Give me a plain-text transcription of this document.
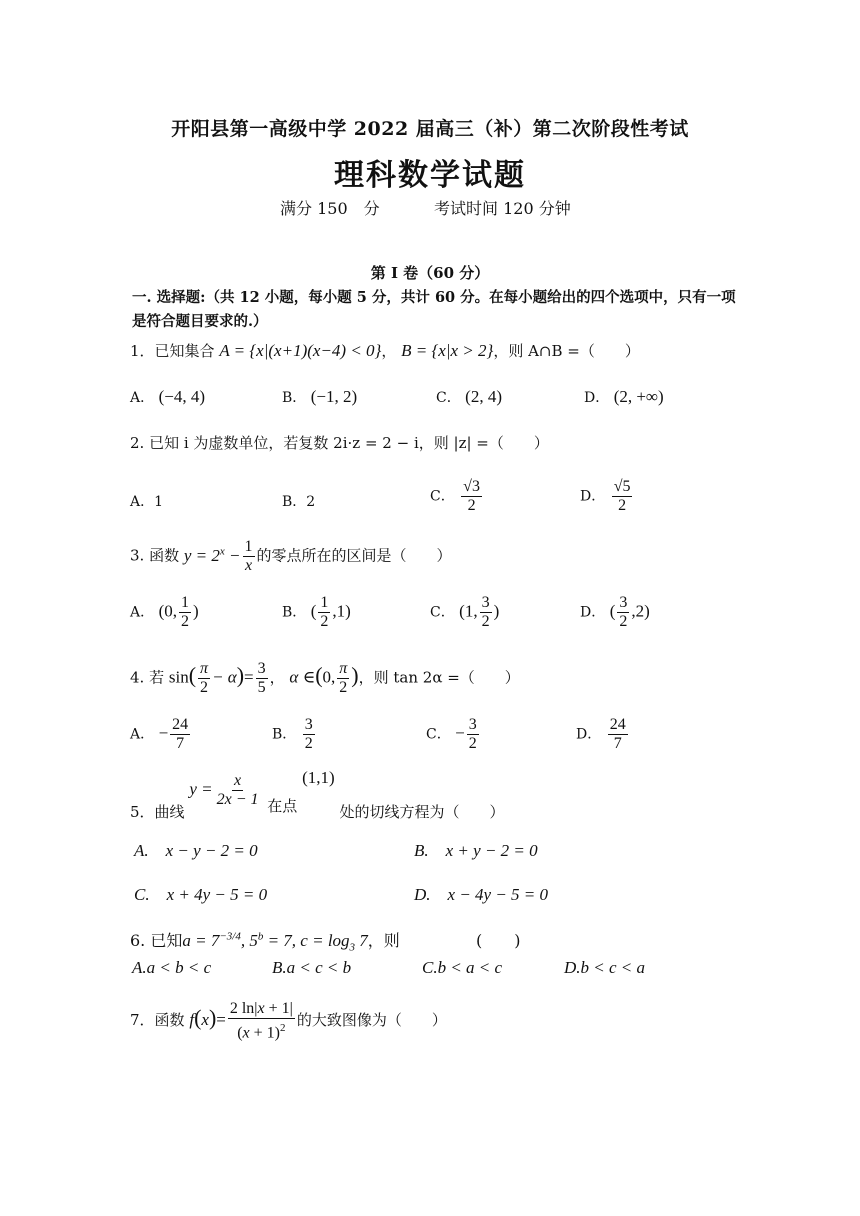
开阳县第一高级中学 2022 届高三（补）第二次阶段性考试
理科数学试题
满分 150　分	考试时间 120 分钟
第 I 卷（60 分）
一. 选择题:（共 12 小题，每小题 5 分，共计 60 分。在每小题给出的四个选项中，只有一项是符合题目要求的.）
1．已知集合 A = {x|(x+1)(x−4) < 0}， B = {x|x > 2}，则 A∩B =（　　）
A． (−4, 4)	B． (−1, 2)	C． (2, 4)	D． (2, +∞)
2. 已知 i 为虚数单位，若复数 2i·z = 2 − i，则 |z| =（　　）
A．1	B．2	C． $\frac{√3}{2}$	D． $\frac{√5}{2}$
3. 函数 $y = 2^x - \frac{1}{x}$ 的零点所在的区间是（　　）
A． (0, $\frac{1}{2}$ )	B． ( $\frac{1}{2} ,1$)	C． (1, $\frac{3}{2}$ )	D． ( $\frac{3}{2} ,2$)
4. 若 $\sin( \frac{\pi}{2} - \alpha)= \frac{3}{5}$ ， α ∈(0, $\frac{\pi}{2}$ )，则 tan 2α =（　　）
A． − $\frac{24}{7}$	B． $\frac{3}{2}$	C． − $\frac{3}{2}$	D． $\frac{24}{7}$
5．曲线 $y = \frac{x}{2x - 1}$ 在点 (1,1) 处的切线方程为（　　）
A.　x − y − 2 = 0	B.　x + y − 2 = 0
C.　x + 4y − 5 = 0	D.　x − 4y − 5 = 0
6. 已知$a = 7^{-3/4}$, $5^b = 7$, $c = \log_3 7$，则	(　　)
A.a < b < c	B.a < c < b	C.b < a < c	D.b < c < a
7．函数 $f(x)= \frac{2 \ln|x + 1|}{(x + 1)^2}$ 的大致图像为（　　）
